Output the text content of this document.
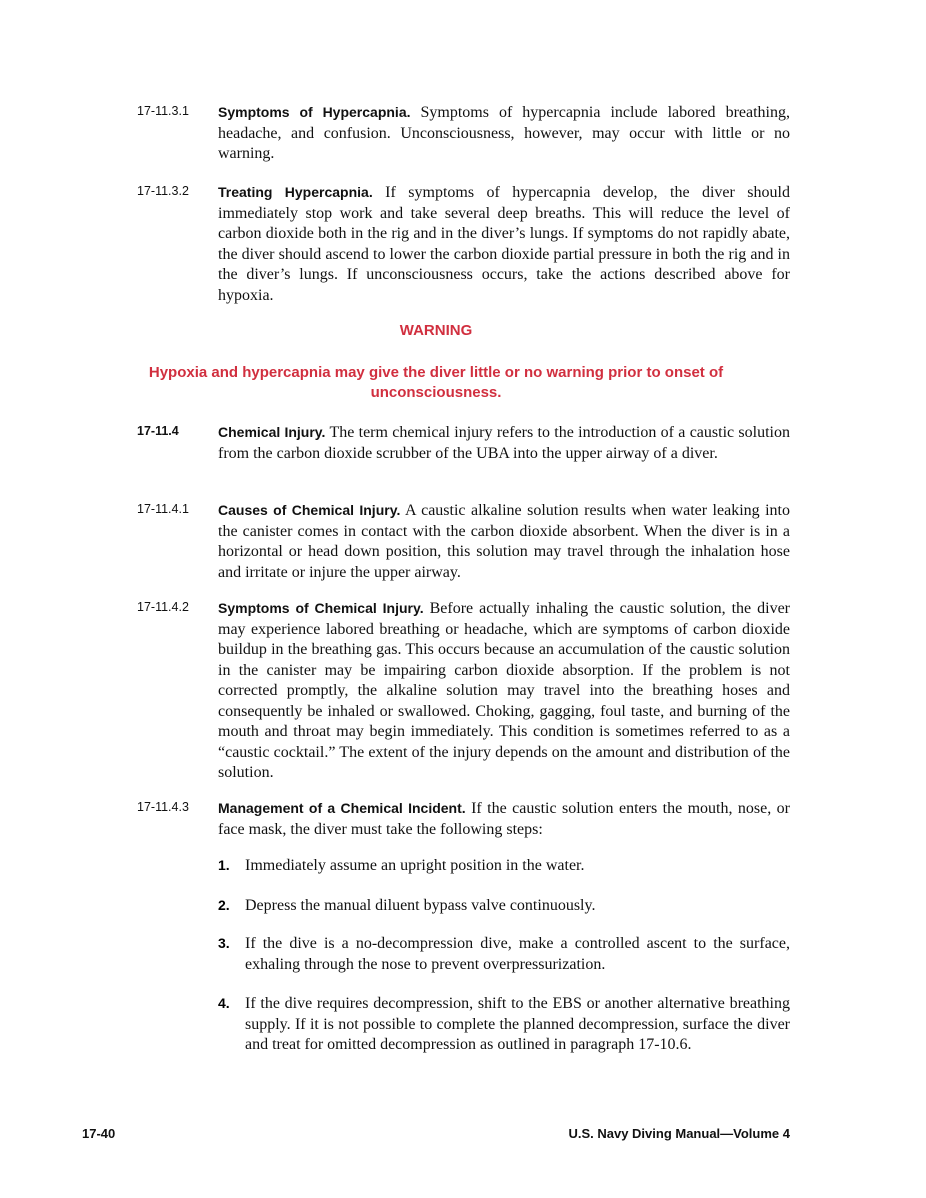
17-11.3.1 Symptoms of Hypercapnia. Symptoms of hypercapnia include labored breathing, headache, and confusion. Unconsciousness, however, may occur with little or no warning.
17-11.3.2 Treating Hypercapnia. If symptoms of hypercapnia develop, the diver should immediately stop work and take several deep breaths. This will reduce the level of carbon dioxide both in the rig and in the diver’s lungs. If symptoms do not rapidly abate, the diver should ascend to lower the carbon dioxide partial pressure in both the rig and in the diver’s lungs. If unconsciousness occurs, take the actions described above for hypoxia.
WARNING
Hypoxia and hypercapnia may give the diver little or no warning prior to onset of unconsciousness.
17-11.4	Chemical Injury. The term chemical injury refers to the introduction of a caustic solution from the carbon dioxide scrubber of the UBA into the upper airway of a diver.
17-11.4.1 Causes of Chemical Injury. A caustic alkaline solution results when water leaking into the canister comes in contact with the carbon dioxide absorbent. When the diver is in a horizontal or head down position, this solution may travel through the inhalation hose and irritate or injure the upper airway.
17-11.4.2 Symptoms of Chemical Injury. Before actually inhaling the caustic solution, the diver may experience labored breathing or headache, which are symptoms of carbon dioxide buildup in the breathing gas. This occurs because an accumulation of the caustic solution in the canister may be impairing carbon dioxide absorption. If the problem is not corrected promptly, the alkaline solution may travel into the breathing hoses and consequently be inhaled or swallowed. Choking, gagging, foul taste, and burning of the mouth and throat may begin immediately. This condition is sometimes referred to as a “caustic cocktail.” The extent of the injury depends on the amount and distribution of the solution.
17-11.4.3 Management of a Chemical Incident. If the caustic solution enters the mouth, nose, or face mask, the diver must take the following steps:
1. Immediately assume an upright position in the water.
2. Depress the manual diluent bypass valve continuously.
3. If the dive is a no-decompression dive, make a controlled ascent to the surface, exhaling through the nose to prevent overpressurization.
4. If the dive requires decompression, shift to the EBS or another alternative breathing supply. If it is not possible to complete the planned decompression, surface the diver and treat for omitted decompression as outlined in paragraph 17-10.6.
17-40	U.S. Navy Diving Manual—Volume 4
